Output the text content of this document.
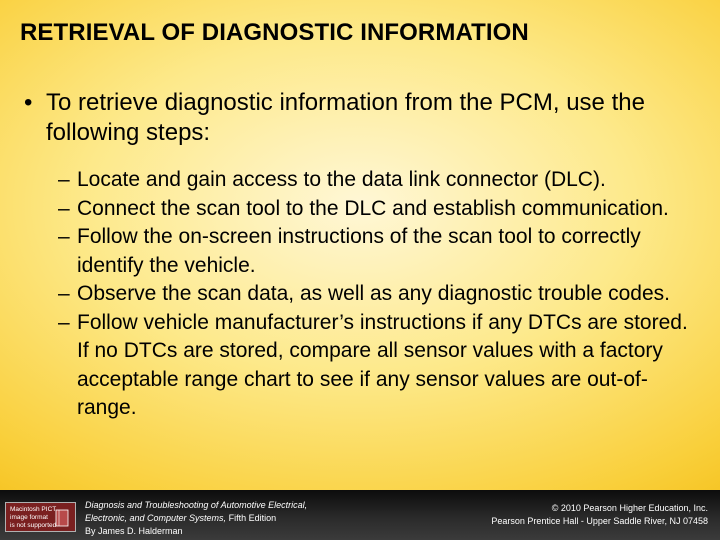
RETRIEVAL OF DIAGNOSTIC INFORMATION
• To retrieve diagnostic information from the PCM, use the following steps:
– Locate and gain access to the data link connector (DLC).
– Connect the scan tool to the DLC and establish communication.
– Follow the on-screen instructions of the scan tool to correctly identify the vehicle.
– Observe the scan data, as well as any diagnostic trouble codes.
– Follow vehicle manufacturer’s instructions if any DTCs are stored. If no DTCs are stored, compare all sensor values with a factory acceptable range chart to see if any sensor values are out-of-range.
Macintosh PICT
image format
is not supported
Diagnosis and Troubleshooting of Automotive Electrical,
Electronic, and Computer Systems, Fifth Edition
By James D. Halderman
© 2010 Pearson Higher Education, Inc.
Pearson Prentice Hall - Upper Saddle River, NJ 07458
